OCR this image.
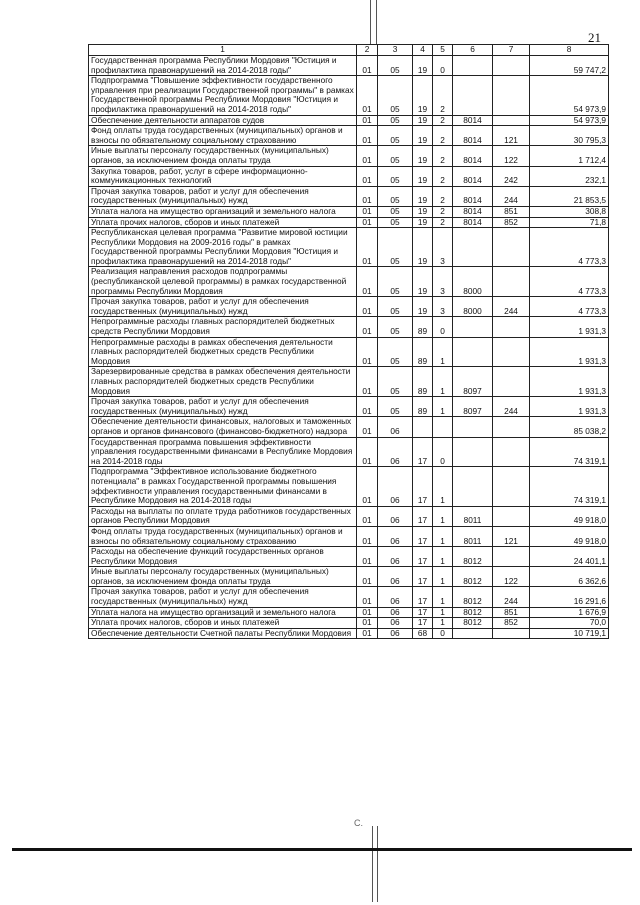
21
С.
1	2	3	4	5	6	7	8
Государственная программа Республики Мордовия "Юстиция и профилактика правонарушений на 2014-2018 годы"	01	05	19	0			59 747,2
Подпрограмма "Повышение эффективности государственного управления при реализации Государственной программы" в рамках Государственной программы Республики Мордовия "Юстиция и профилактика правонарушений на 2014-2018 годы"	01	05	19	2			54 973,9
Обеспечение деятельности аппаратов судов	01	05	19	2	8014		54 973,9
Фонд оплаты труда государственных (муниципальных) органов и взносы по обязательному социальному страхованию	01	05	19	2	8014	121	30 795,3
Иные выплаты персоналу государственных (муниципальных) органов, за исключением фонда оплаты труда	01	05	19	2	8014	122	1 712,4
Закупка товаров, работ, услуг в сфере информационно-коммуникационных технологий	01	05	19	2	8014	242	232,1
Прочая закупка товаров, работ и услуг для обеспечения государственных (муниципальных) нужд	01	05	19	2	8014	244	21 853,5
Уплата налога на имущество организаций и земельного налога	01	05	19	2	8014	851	308,8
Уплата прочих налогов, сборов и иных платежей	01	05	19	2	8014	852	71,8
Республиканская целевая программа "Развитие мировой юстиции Республики Мордовия на 2009-2016 годы" в рамках Государственной программы Республики Мордовия "Юстиция и профилактика правонарушений на 2014-2018 годы"	01	05	19	3			4 773,3
Реализация направления расходов подпрограммы (республиканской целевой программы) в рамках государственной программы Республики Мордовия	01	05	19	3	8000		4 773,3
Прочая закупка товаров, работ и услуг для обеспечения государственных (муниципальных) нужд	01	05	19	3	8000	244	4 773,3
Непрограммные расходы главных распорядителей бюджетных средств Республики Мордовия	01	05	89	0			1 931,3
Непрограммные расходы в рамках обеспечения деятельности главных распорядителей бюджетных средств Республики Мордовия	01	05	89	1			1 931,3
Зарезервированные средства в рамках обеспечения деятельности главных распорядителей бюджетных средств Республики Мордовия	01	05	89	1	8097		1 931,3
Прочая закупка товаров, работ и услуг для обеспечения государственных (муниципальных) нужд	01	05	89	1	8097	244	1 931,3
Обеспечение деятельности финансовых, налоговых и таможенных органов и органов финансового (финансово-бюджетного) надзора	01	06					85 038,2
Государственная программа повышения эффективности управления государственными финансами в Республике Мордовия на 2014-2018 годы	01	06	17	0			74 319,1
Подпрограмма "Эффективное использование бюджетного потенциала" в рамках Государственной программы повышения эффективности управления государственными финансами в Республике Мордовия на 2014-2018 годы	01	06	17	1			74 319,1
Расходы на выплаты по оплате труда работников государственных органов Республики Мордовия	01	06	17	1	8011		49 918,0
Фонд оплаты труда государственных (муниципальных) органов и взносы по обязательному социальному страхованию	01	06	17	1	8011	121	49 918,0
Расходы на обеспечение функций государственных органов Республики Мордовия	01	06	17	1	8012		24 401,1
Иные выплаты персоналу государственных (муниципальных) органов, за исключением фонда оплаты труда	01	06	17	1	8012	122	6 362,6
Прочая закупка товаров, работ и услуг для обеспечения государственных (муниципальных) нужд	01	06	17	1	8012	244	16 291,6
Уплата налога на имущество организаций и земельного налога	01	06	17	1	8012	851	1 676,9
Уплата прочих налогов, сборов и иных платежей	01	06	17	1	8012	852	70,0
Обеспечение деятельности Счетной палаты Республики Мордовия	01	06	68	0			10 719,1
